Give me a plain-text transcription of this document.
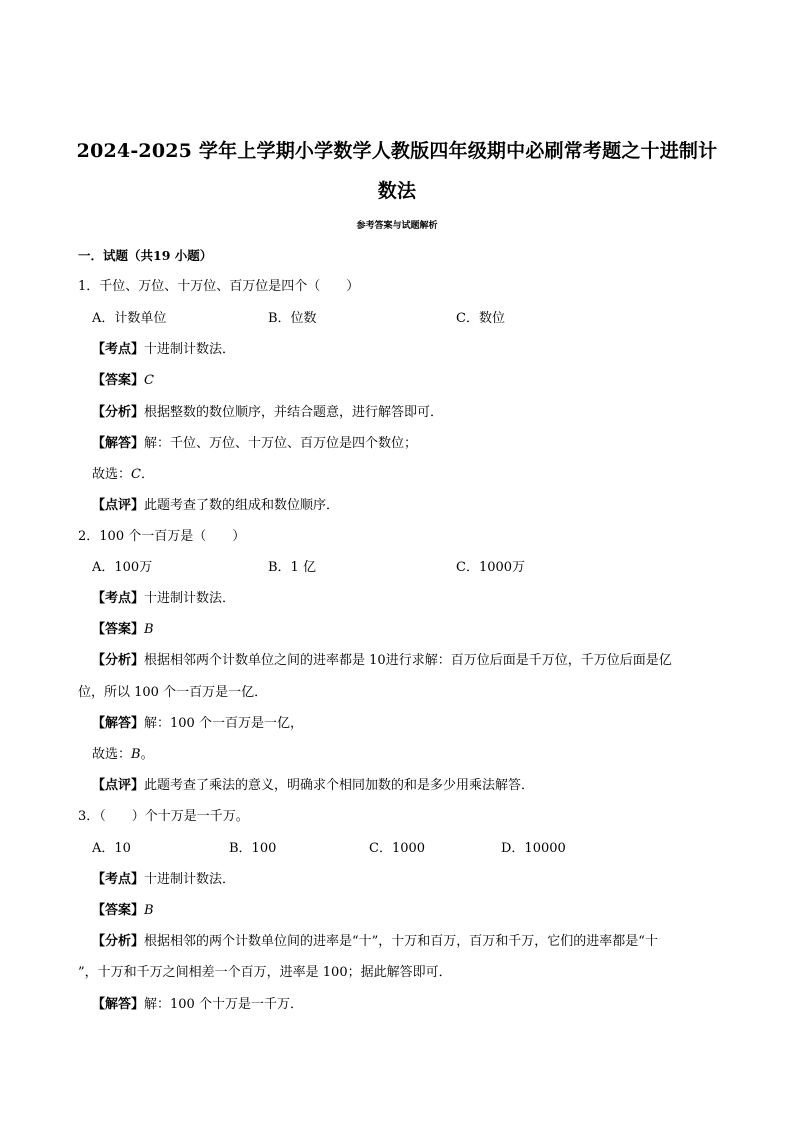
2024-2025 学年上学期小学数学人教版四年级期中必刷常考题之十进制计
数法
参考答案与试题解析
一．试题（共19 小题）
1．千位、万位、十万位、百万位是四个（　　）
A．计数单位	B．位数	C．数位
【考点】十进制计数法．
【答案】C
【分析】根据整数的数位顺序，并结合题意，进行解答即可．
【解答】解：千位、万位、十万位、百万位是四个数位；
故选：C．
【点评】此题考查了数的组成和数位顺序．
2．100 个一百万是（　　）
A．100万	B．1 亿	C．1000万
【考点】十进制计数法．
【答案】B
【分析】根据相邻两个计数单位之间的进率都是 10进行求解：百万位后面是千万位，千万位后面是亿
位，所以 100 个一百万是一亿．
【解答】解：100 个一百万是一亿，
故选：B。
【点评】此题考查了乘法的意义，明确求个相同加数的和是多少用乘法解答．
3．（　　）个十万是一千万。
A．10	B．100	C．1000	D．10000
【考点】十进制计数法．
【答案】B
【分析】根据相邻的两个计数单位间的进率是“十”，十万和百万，百万和千万，它们的进率都是“十
”，十万和千万之间相差一个百万，进率是 100；据此解答即可．
【解答】解：100 个十万是一千万．
